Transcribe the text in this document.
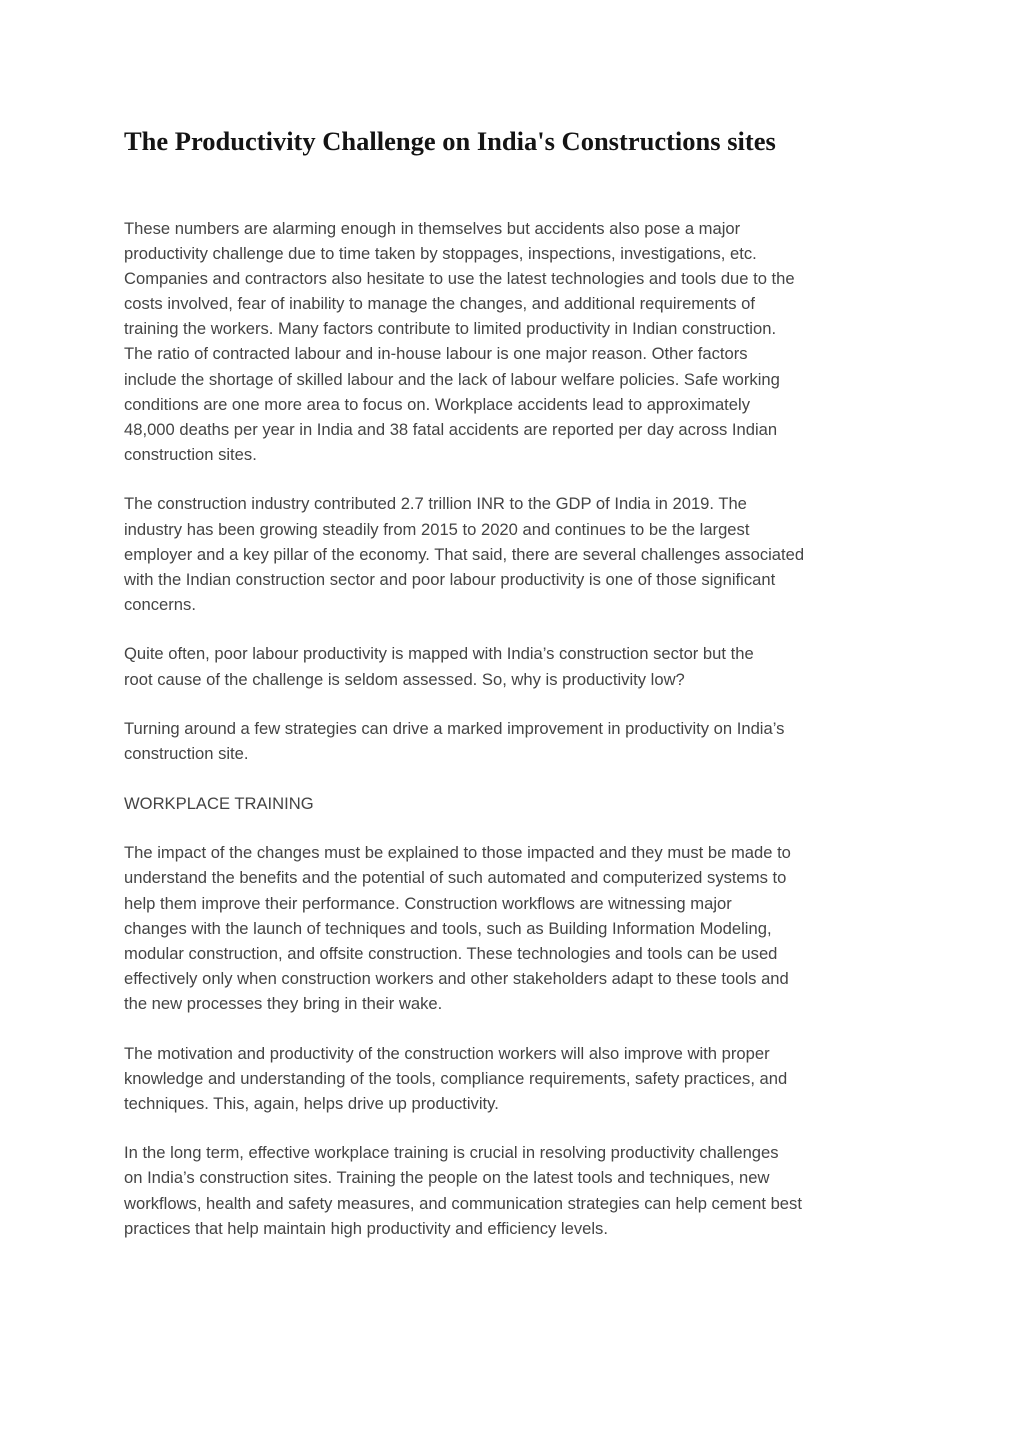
The Productivity Challenge on India's Constructions sites

These numbers are alarming enough in themselves but accidents also pose a major
productivity challenge due to time taken by stoppages, inspections, investigations, etc.
Companies and contractors also hesitate to use the latest technologies and tools due to the
costs involved, fear of inability to manage the changes, and additional requirements of
training the workers. Many factors contribute to limited productivity in Indian construction.
The ratio of contracted labour and in-house labour is one major reason. Other factors
include the shortage of skilled labour and the lack of labour welfare policies. Safe working
conditions are one more area to focus on. Workplace accidents lead to approximately
48,000 deaths per year in India and 38 fatal accidents are reported per day across Indian
construction sites.

The construction industry contributed 2.7 trillion INR to the GDP of India in 2019. The
industry has been growing steadily from 2015 to 2020 and continues to be the largest
employer and a key pillar of the economy. That said, there are several challenges associated
with the Indian construction sector and poor labour productivity is one of those significant
concerns.

Quite often, poor labour productivity is mapped with India’s construction sector but the
root cause of the challenge is seldom assessed. So, why is productivity low?

Turning around a few strategies can drive a marked improvement in productivity on India’s
construction site.

WORKPLACE TRAINING

The impact of the changes must be explained to those impacted and they must be made to
understand the benefits and the potential of such automated and computerized systems to
help them improve their performance. Construction workflows are witnessing major
changes with the launch of techniques and tools, such as Building Information Modeling,
modular construction, and offsite construction. These technologies and tools can be used
effectively only when construction workers and other stakeholders adapt to these tools and
the new processes they bring in their wake.

The motivation and productivity of the construction workers will also improve with proper
knowledge and understanding of the tools, compliance requirements, safety practices, and
techniques. This, again, helps drive up productivity.

In the long term, effective workplace training is crucial in resolving productivity challenges
on India’s construction sites. Training the people on the latest tools and techniques, new
workflows, health and safety measures, and communication strategies can help cement best
practices that help maintain high productivity and efficiency levels.
